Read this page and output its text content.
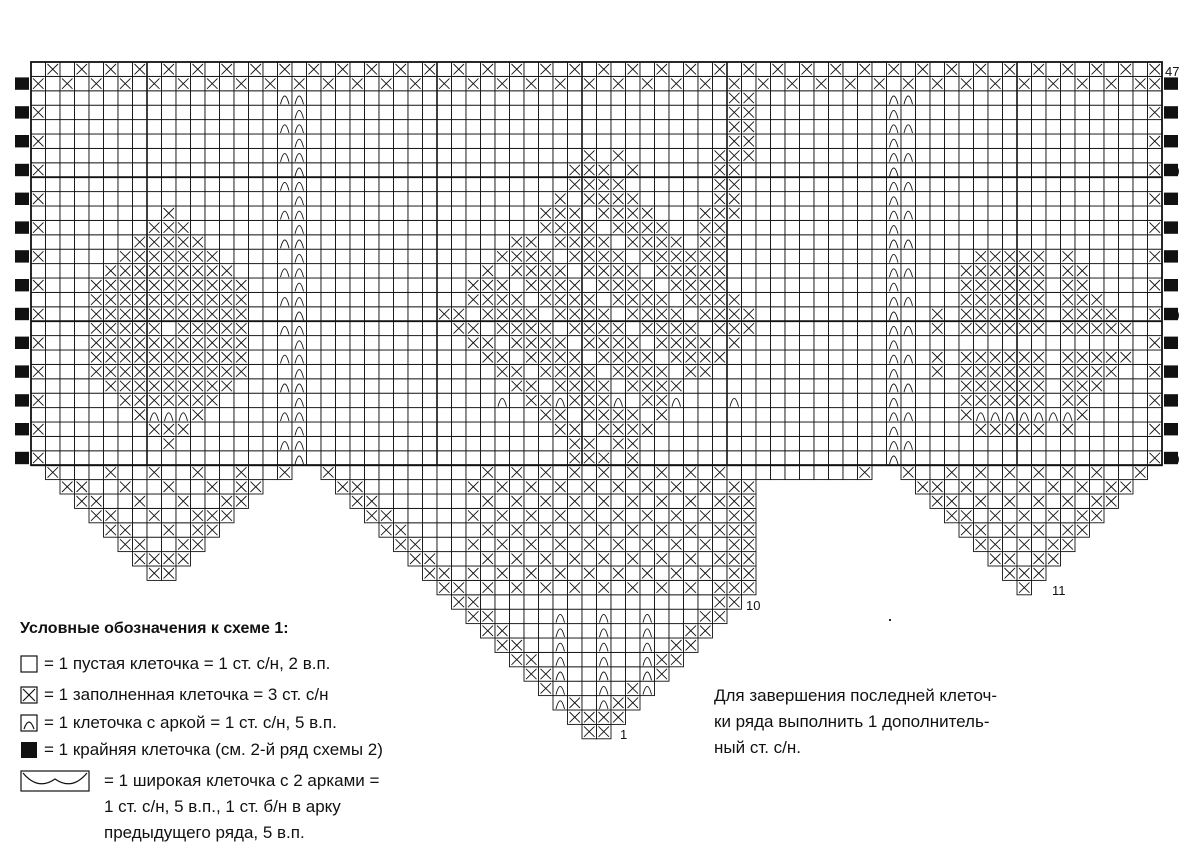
47
40
30
20
1
10
11
Условные обозначения к схеме 1:
= 1 пустая клеточка = 1 ст. с/н, 2 в.п.
= 1 заполненная клеточка = 3 ст. с/н
= 1 клеточка с аркой = 1 ст. с/н, 5 в.п.
= 1 крайняя клеточка (см. 2-й ряд схемы 2)
= 1 широкая клеточка с 2 арками =
1 ст. с/н, 5 в.п., 1 ст. б/н в арку
предыдущего ряда, 5 в.п.
Для завершения последней клеточ-
ки ряда выполнить 1 дополнитель-
ный ст. с/н.
